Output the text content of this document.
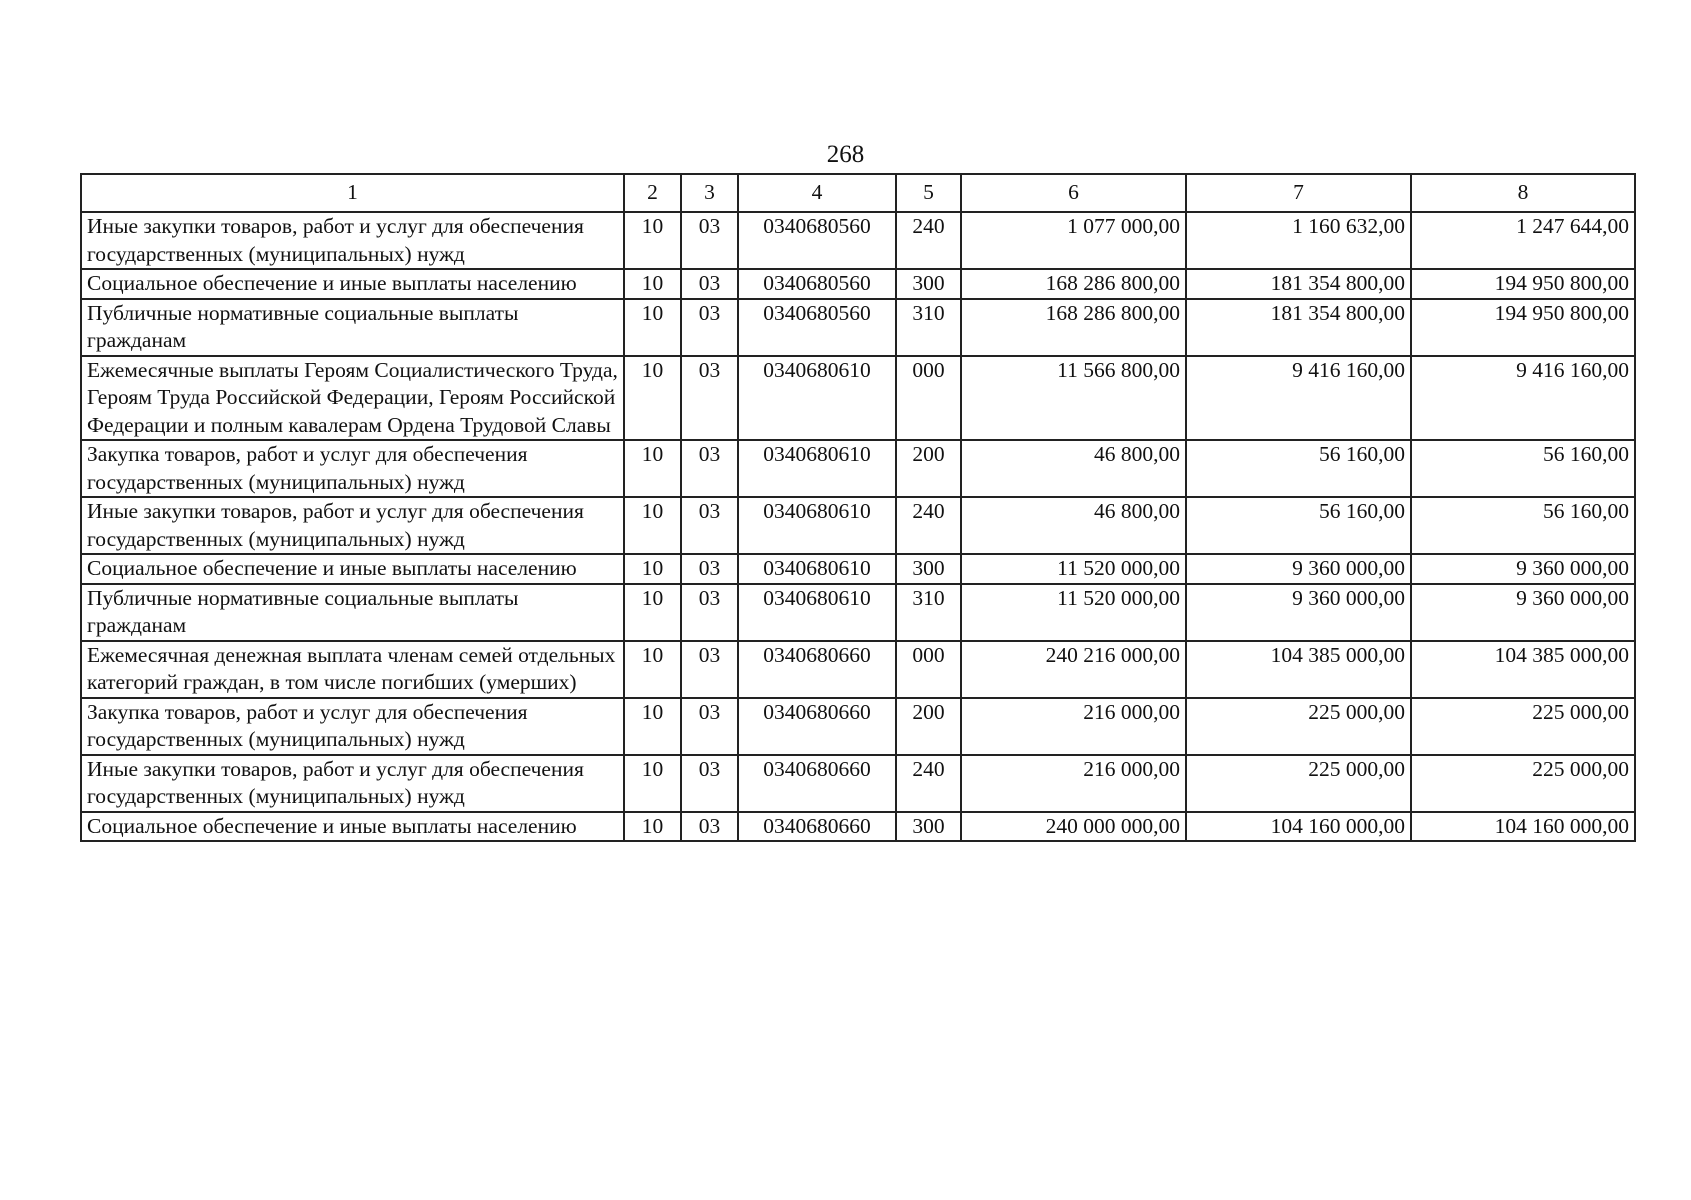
268
1	2	3	4	5	6	7	8
Иные закупки товаров, работ и услуг для обеспечения государственных (муниципальных) нужд	10	03	0340680560	240	1 077 000,00	1 160 632,00	1 247 644,00
Социальное обеспечение и иные выплаты населению	10	03	0340680560	300	168 286 800,00	181 354 800,00	194 950 800,00
Публичные нормативные социальные выплаты гражданам	10	03	0340680560	310	168 286 800,00	181 354 800,00	194 950 800,00
Ежемесячные выплаты Героям Социалистического Труда, Героям Труда Российской Федерации, Героям Российской Федерации и полным кавалерам Ордена Трудовой Славы	10	03	0340680610	000	11 566 800,00	9 416 160,00	9 416 160,00
Закупка товаров, работ и услуг для обеспечения государственных (муниципальных) нужд	10	03	0340680610	200	46 800,00	56 160,00	56 160,00
Иные закупки товаров, работ и услуг для обеспечения государственных (муниципальных) нужд	10	03	0340680610	240	46 800,00	56 160,00	56 160,00
Социальное обеспечение и иные выплаты населению	10	03	0340680610	300	11 520 000,00	9 360 000,00	9 360 000,00
Публичные нормативные социальные выплаты гражданам	10	03	0340680610	310	11 520 000,00	9 360 000,00	9 360 000,00
Ежемесячная денежная выплата членам семей отдельных категорий граждан, в том числе погибших (умерших)	10	03	0340680660	000	240 216 000,00	104 385 000,00	104 385 000,00
Закупка товаров, работ и услуг для обеспечения государственных (муниципальных) нужд	10	03	0340680660	200	216 000,00	225 000,00	225 000,00
Иные закупки товаров, работ и услуг для обеспечения государственных (муниципальных) нужд	10	03	0340680660	240	216 000,00	225 000,00	225 000,00
Социальное обеспечение и иные выплаты населению	10	03	0340680660	300	240 000 000,00	104 160 000,00	104 160 000,00
